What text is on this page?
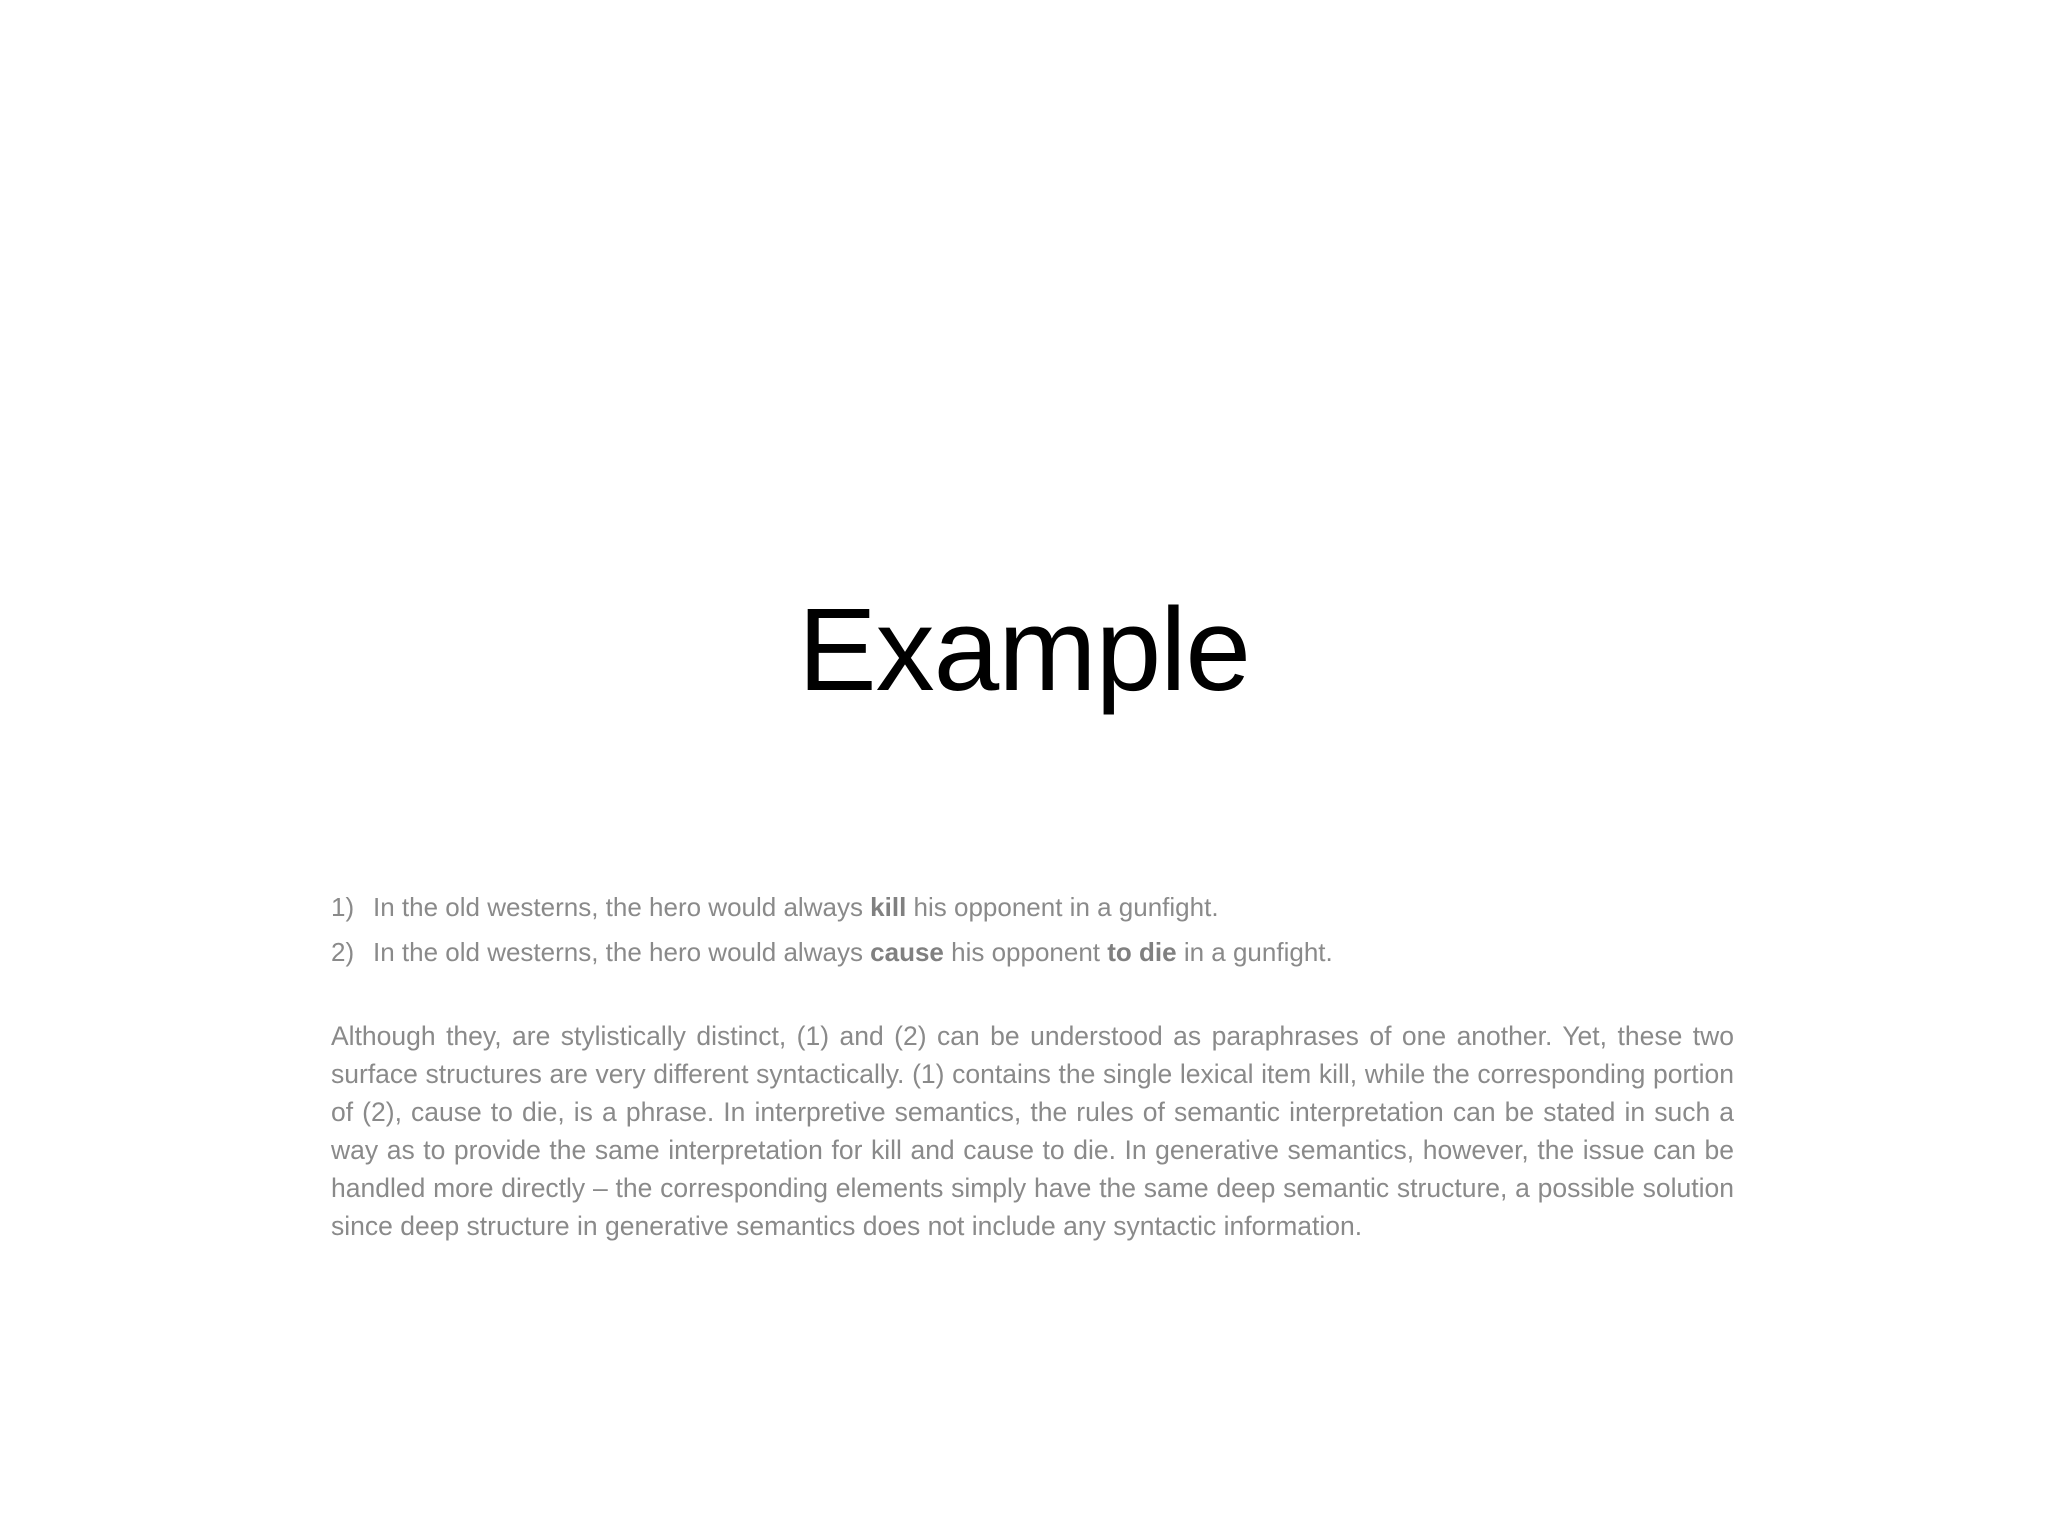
Example
1) In the old westerns, the hero would always kill his opponent in a gunfight.
2) In the old westerns, the hero would always cause his opponent to die in a gunfight.

Although they, are stylistically distinct, (1) and (2) can be understood as paraphrases of one another. Yet, these two surface structures are very different syntactically. (1) contains the single lexical item kill, while the corresponding portion of (2), cause to die, is a phrase. In interpretive semantics, the rules of semantic interpretation can be stated in such a way as to provide the same interpretation for kill and cause to die. In generative semantics, however, the issue can be handled more directly – the corresponding elements simply have the same deep semantic structure, a possible solution since deep structure in generative semantics does not include any syntactic information.
